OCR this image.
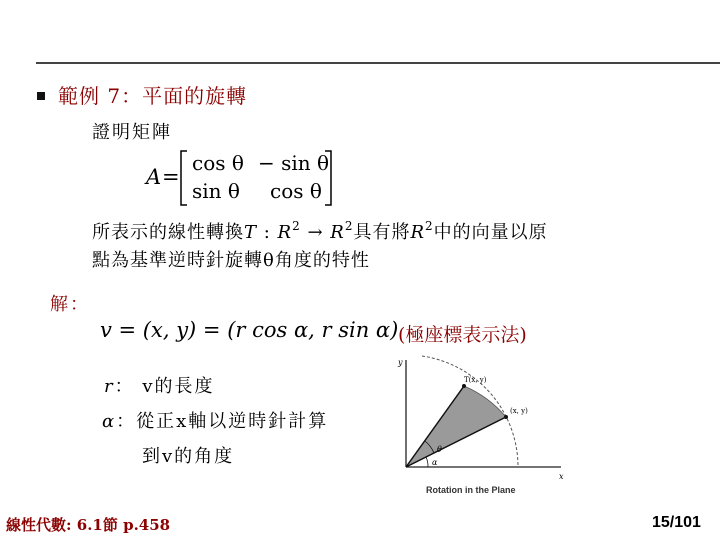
範例 7：平面的旋轉
證明矩陣
A =
cos θ − sin θ
sin θ cos θ
所表示的線性轉換T : $R^2 \to R^2$具有將$R^2$中的向量以原
點為基準逆時針旋轉θ角度的特性
解：
v = (x, y) = (r cos α, r sin α) (極座標表示法)
r： v的長度
α：從正x軸以逆時針計算
到v的角度
x
y
α
θ
T(x, y)
(x, y)
Rotation in the Plane
線性代數: 6.1節 p.458	15/101
